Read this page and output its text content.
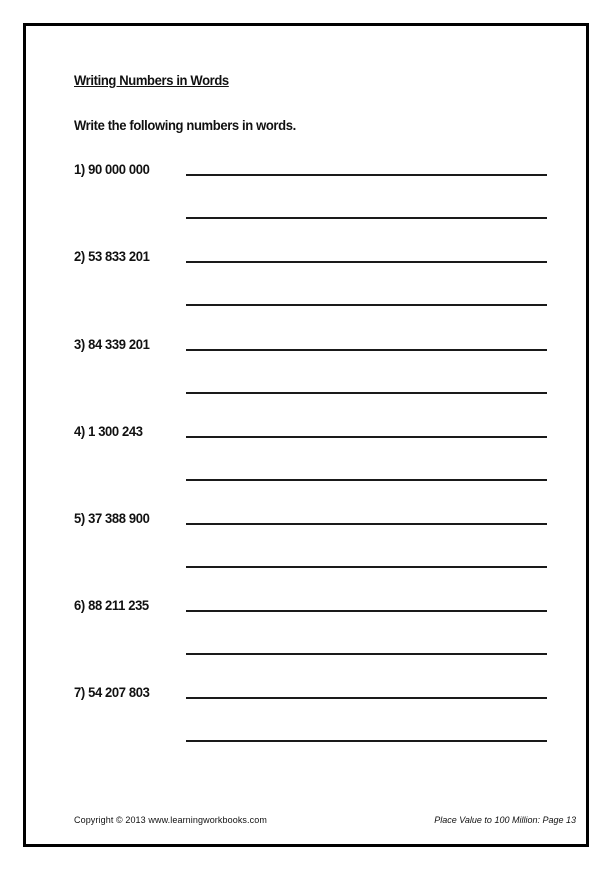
Writing Numbers in Words
Write the following numbers in words.
1) 90 000 000
2) 53 833 201
3) 84 339 201
4) 1 300 243
5) 37 388 900
6) 88 211 235
7) 54 207 803
Copyright © 2013 www.learningworkbooks.com	Place Value to 100 Million: Page 13
